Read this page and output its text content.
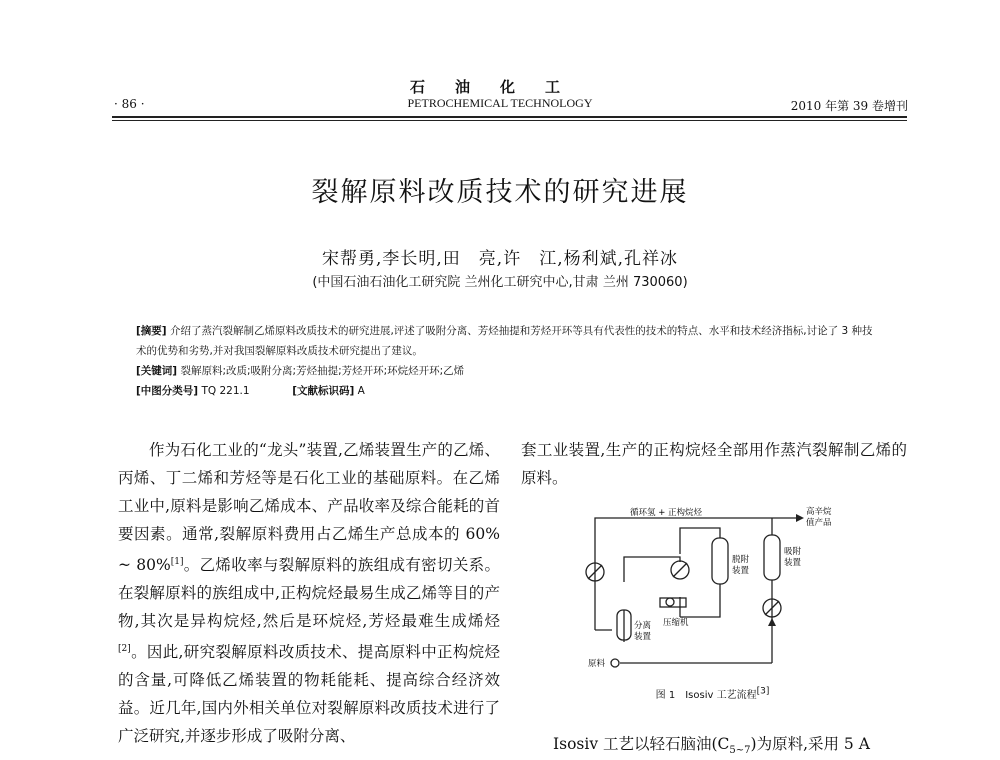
石油化工
PETROCHEMICAL TECHNOLOGY
· 86 ·	2010 年第 39 卷增刊
裂解原料改质技术的研究进展
宋帮勇,李长明,田　亮,许　江,杨利斌,孔祥冰
(中国石油石油化工研究院 兰州化工研究中心,甘肃 兰州 730060)
[摘要] 介绍了蒸汽裂解制乙烯原料改质技术的研究进展,评述了吸附分离、芳烃抽提和芳烃开环等具有代表性的技术的特点、水平和技术经济指标,讨论了 3 种技术的优势和劣势,并对我国裂解原料改质技术研究提出了建议。
[关键词] 裂解原料;改质;吸附分离;芳烃抽提;芳烃开环;环烷烃开环;乙烯
[中图分类号] TQ 221.1	[文献标识码] A
作为石化工业的“龙头”装置,乙烯装置生产的乙烯、丙烯、丁二烯和芳烃等是石化工业的基础原料。在乙烯工业中,原料是影响乙烯成本、产品收率及综合能耗的首要因素。通常,裂解原料费用占乙烯生产总成本的 60% ~ 80%[1]。乙烯收率与裂解原料的族组成有密切关系。在裂解原料的族组成中,正构烷烃最易生成乙烯等目的产物,其次是异构烷烃,然后是环烷烃,芳烃最难生成烯烃[2]。因此,研究裂解原料改质技术、提高原料中正构烷烃的含量,可降低乙烯装置的物耗能耗、提高综合经济效益。近几年,国内外相关单位对裂解原料改质技术进行了广泛研究,并逐步形成了吸附分离、
套工业装置,生产的正构烷烃全部用作蒸汽裂解制乙烯的原料。
循环氢 + 正构烷烃	高辛烷
值产品
脱附
装置
吸附
装置
分离
装置
压缩机
原料
图 1　Isosiv 工艺流程[3]
Isosiv 工艺以轻石脑油$(C_{5\sim 7})$为原料,采用 5 A
